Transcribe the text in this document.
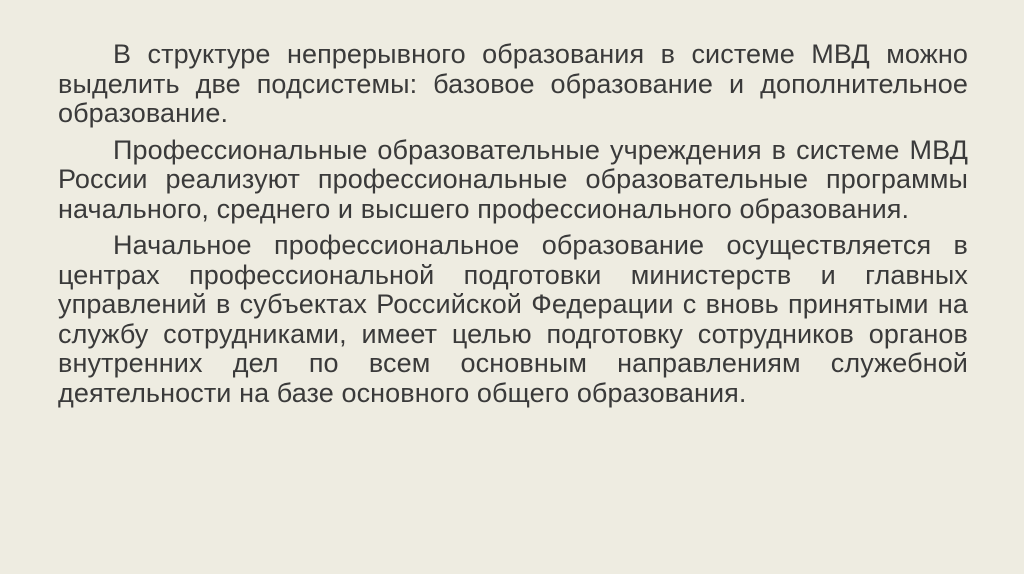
В структуре непрерывного образования в системе МВД можно выделить две подсистемы: базовое образование и дополнительное образование.

Профессиональные образовательные учреждения в системе МВД России реализуют профессиональные образовательные программы начального, среднего и высшего профессионального образования.

Начальное профессиональное образование осуществляется в центрах профессиональной подготовки министерств и главных управлений в субъектах Российской Федерации с вновь принятыми на службу сотрудниками, имеет целью подготовку сотрудников органов внутренних дел по всем основным направлениям служебной деятельности на базе основного общего образования.
